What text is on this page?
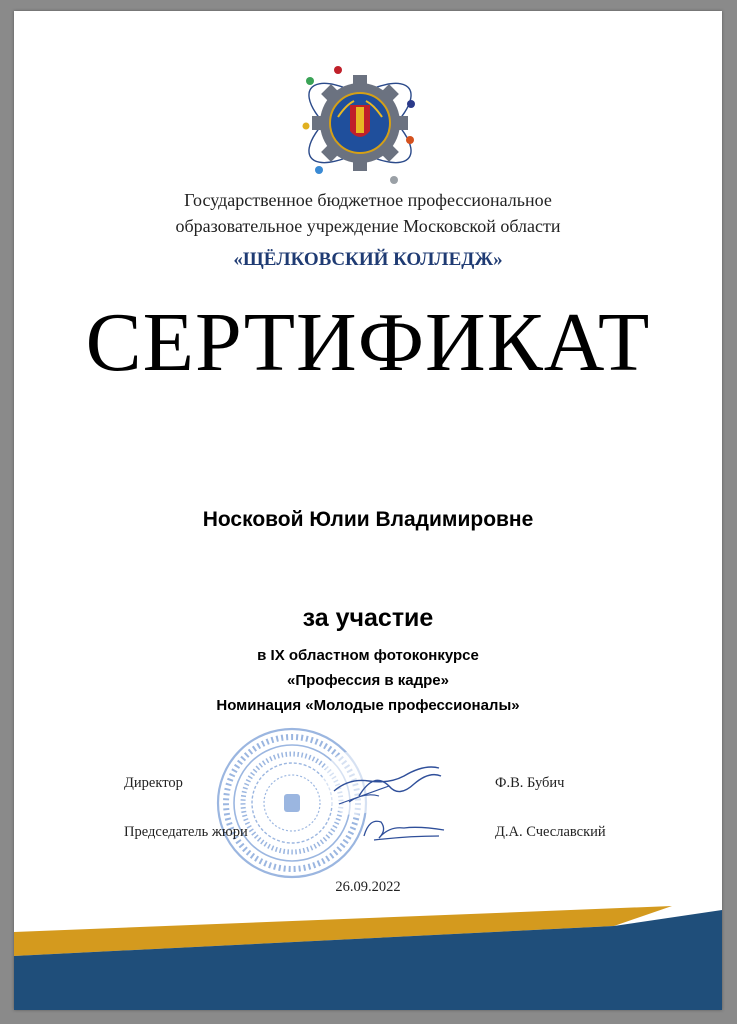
Государственное бюджетное профессиональное
образовательное учреждение Московской области
«ЩЁЛКОВСКИЙ КОЛЛЕДЖ»
СЕРТИФИКАТ
Носковой Юлии Владимировне
за участие
в IX областном фотоконкурсе
«Профессия в кадре»
Номинация «Молодые профессионалы»
Директор	Ф.В. Бубич
Председатель жюри	Д.А. Счеславский
26.09.2022
